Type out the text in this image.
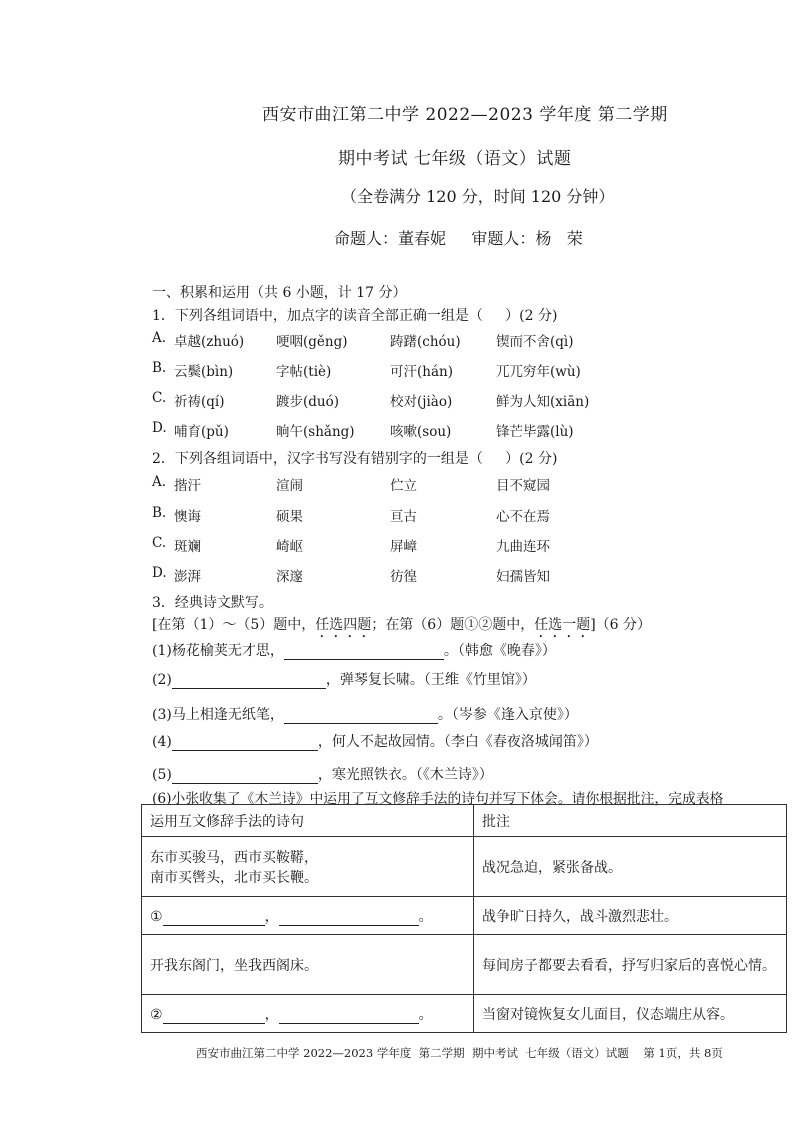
西安市曲江第二中学 2022—2023 学年度 第二学期
期中考试 七年级（语文）试题
（全卷满分 120 分，时间 120 分钟）
命题人：董春妮     审题人：杨   荣
一、积累和运用（共 6 小题，计 17 分）
1．下列各组词语中，加点字的读音全部正确一组是（     ）(2 分)
A. 卓越(zhuó) 哽咽(gěng)	踌躇(chóu)	锲而不舍(qì)
B. 云鬓(bìn)	字帖(tiè)	可汗(hán)	兀兀穷年(wù)
C. 祈祷(qí)	踱步(duó)	校对(jiào)	鲜为人知(xiān)
D. 哺育(pǔ)	晌午(shǎng)	咳嗽(sou)	锋芒毕露(lù)
2．下列各组词语中，汉字书写没有错别字的一组是（     ）(2 分)
A. 揩汗	渲闹	伫立	目不窥园
B. 懊诲	硕果	亘古	心不在焉
C. 斑斓	崎岖	屏嶂	九曲连环
D. 澎湃	深邃	彷徨	妇孺皆知
3．经典诗文默写。
[在第（1）～（5）题中，任选四题；在第（6）题①②题中，任选一题]（6 分）
(1)杨花榆荚无才思，	。（韩愈《晚春》）
(2)	，弹琴复长啸。（王维《竹里馆》）
(3)马上相逢无纸笔，	。（岑参《逢入京使》）
(4)	，何人不起故园情。（李白《春夜洛城闻笛》）
(5)	，寒光照铁衣。（《木兰诗》）
(6)小张收集了《木兰诗》中运用了互文修辞手法的诗句并写下体会。请你根据批注，完成表格
运用互文修辞手法的诗句	批注

东市买骏马，西市买鞍鞯，
南市买辔头，北市买长鞭。	战况急迫，紧张备战。
① ， 。	战争旷日持久，战斗激烈悲壮。
开我东阁门，坐我西阁床。	每间房子都要去看看，抒写归家后的喜悦心情。
② ， 。	当窗对镜恢复女儿面目，仪态端庄从容。
西安市曲江第二中学 2022—2023 学年度  第二学期  期中考试  七年级（语文）试题    第 1页，共 8页
